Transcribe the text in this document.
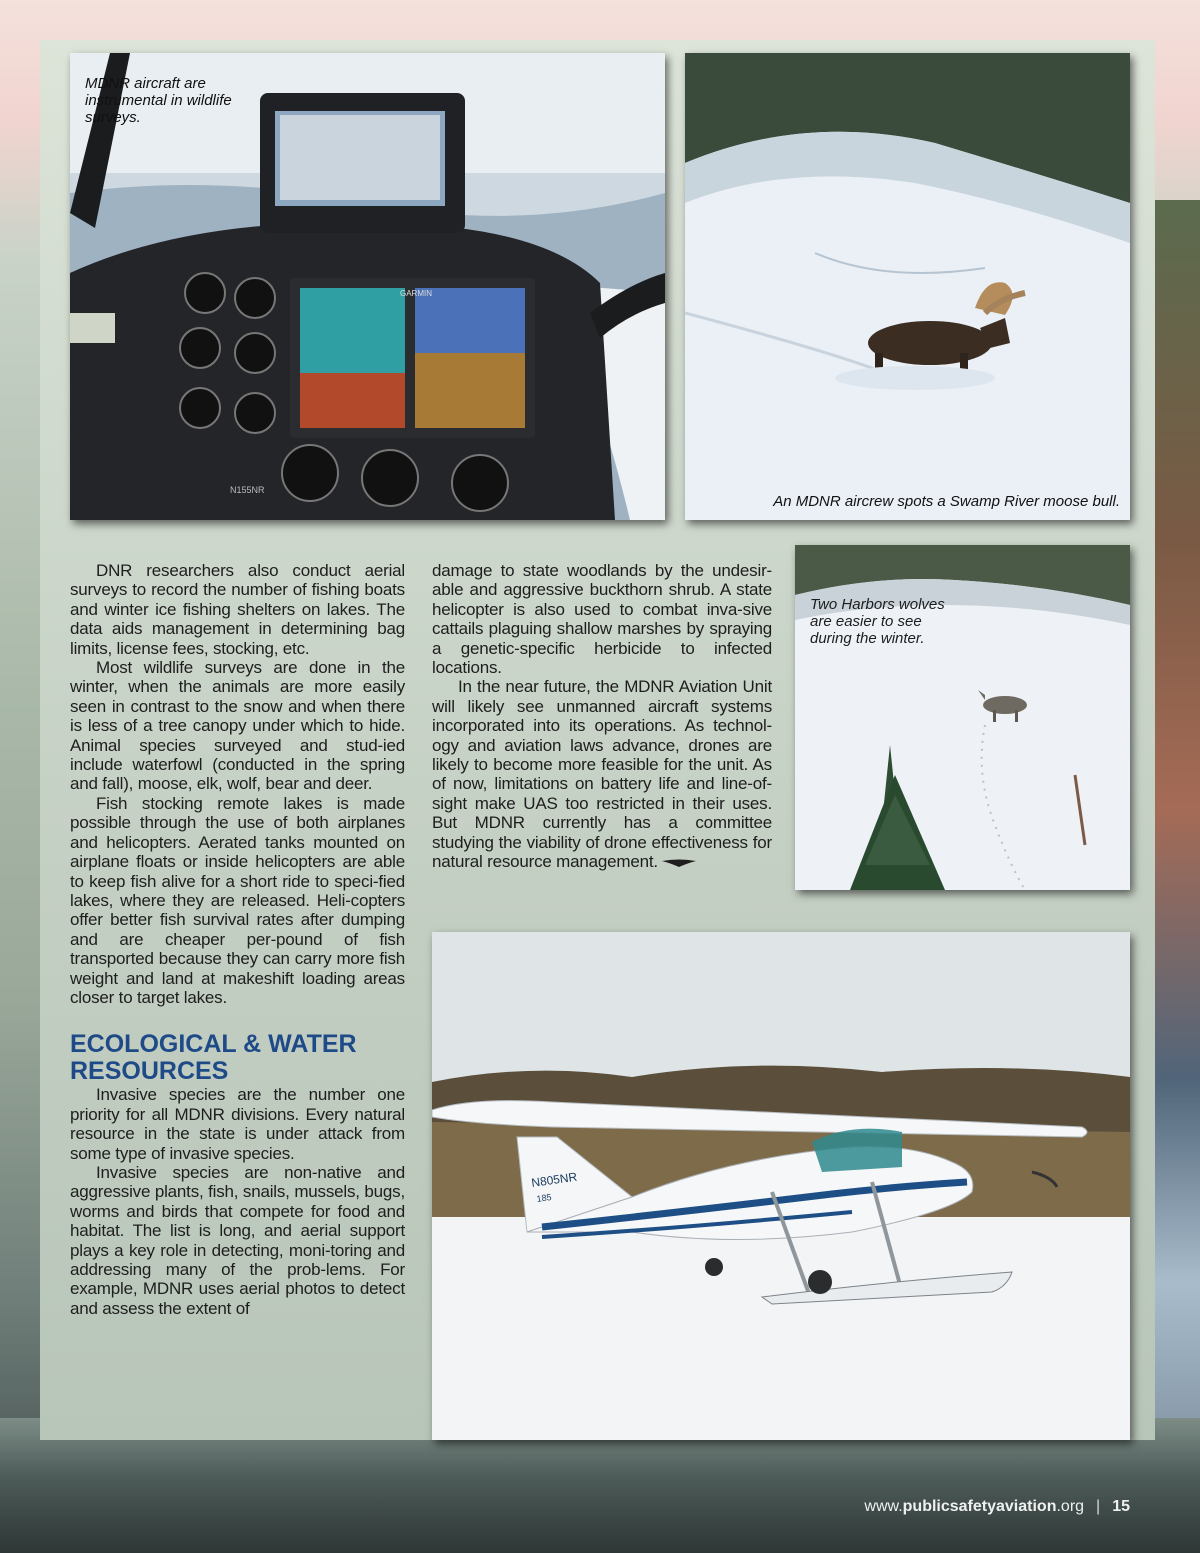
GARMIN
N155NR
MDNR aircraft are instrumental in wildlife surveys.
An MDNR aircrew spots a Swamp River moose bull.
Two Harbors wolves are easier to see during the winter.
N805NR
185

DNR researchers also conduct aerial surveys to record the number of fishing boats and winter ice fishing shelters on lakes. The data aids management in determining bag limits, license fees, stocking, etc.

Most wildlife surveys are done in the winter, when the animals are more easily seen in contrast to the snow and when there is less of a tree canopy under which to hide. Animal species surveyed and stud-ied include waterfowl (conducted in the spring and fall), moose, elk, wolf, bear and deer.

Fish stocking remote lakes is made possible through the use of both airplanes and helicopters. Aerated tanks mounted on airplane floats or inside helicopters are able to keep fish alive for a short ride to speci-fied lakes, where they are released. Heli-copters offer better fish survival rates after dumping and are cheaper per-pound of fish transported because they can carry more fish weight and land at makeshift loading areas closer to target lakes.

ECOLOGICAL & WATER RESOURCES

Invasive species are the number one priority for all MDNR divisions. Every natural resource in the state is under attack from some type of invasive species.

Invasive species are non-native and aggressive plants, fish, snails, mussels, bugs, worms and birds that compete for food and habitat. The list is long, and aerial support plays a key role in detecting, moni-toring and addressing many of the prob-lems. For example, MDNR uses aerial photos to detect and assess the extent of

damage to state woodlands by the undesir-able and aggressive buckthorn shrub. A state helicopter is also used to combat inva-sive cattails plaguing shallow marshes by spraying a genetic-specific herbicide to infected locations.

In the near future, the MDNR Aviation Unit will likely see unmanned aircraft systems incorporated into its operations. As technol-ogy and aviation laws advance, drones are likely to become more feasible for the unit. As of now, limitations on battery life and line-of-sight make UAS too restricted in their uses. But MDNR currently has a committee studying the viability of drone effectiveness for natural resource management.

www.publicsafetyaviation.org | 15
